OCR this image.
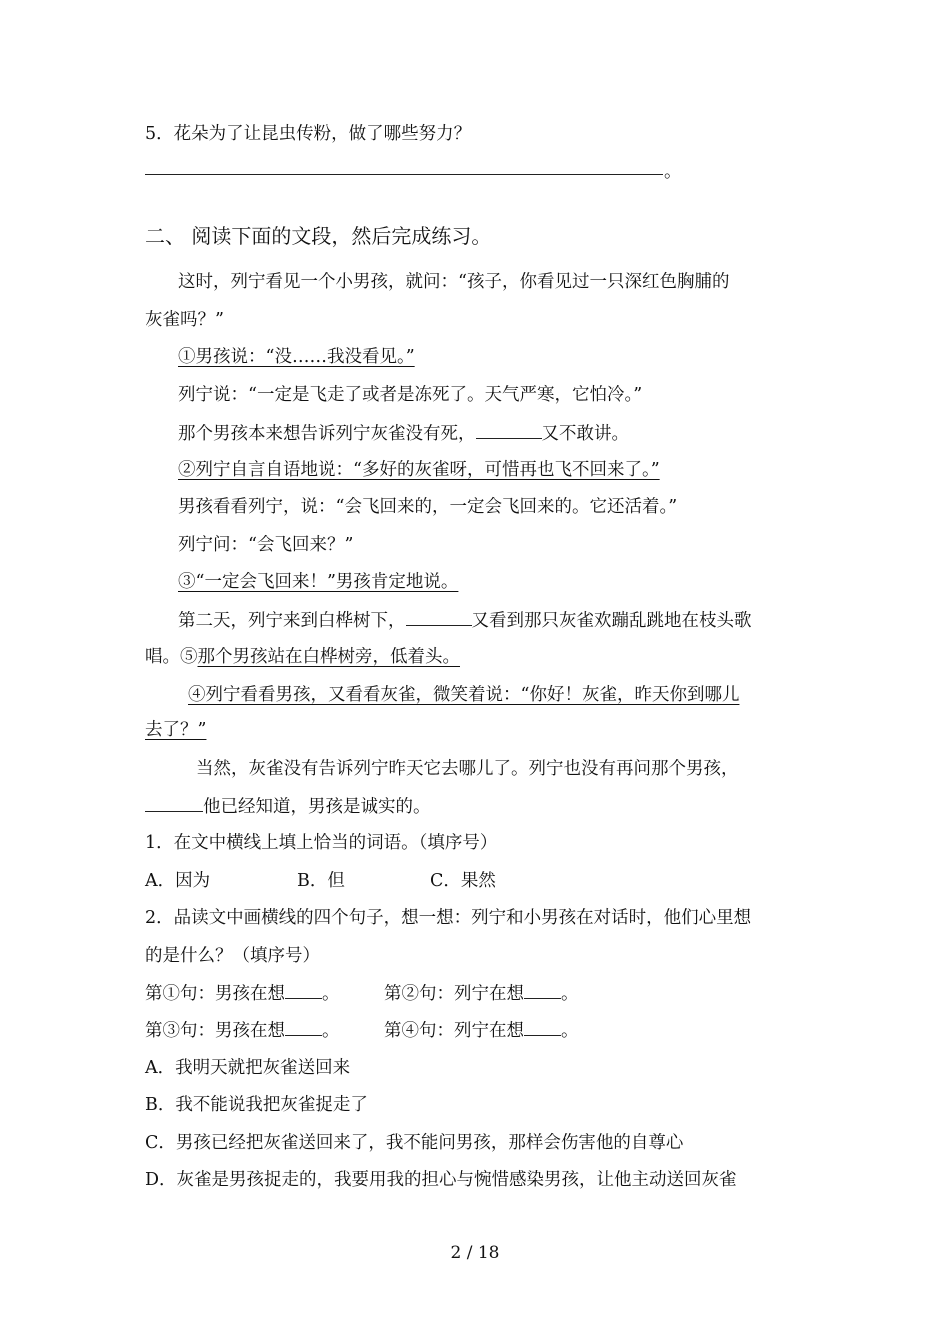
5．花朵为了让昆虫传粉，做了哪些努力？
。
二、 阅读下面的文段，然后完成练习。
这时，列宁看见一个小男孩，就问：“孩子，你看见过一只深红色胸脯的
灰雀吗？”
①男孩说：“没……我没看见。”
列宁说：“一定是飞走了或者是冻死了。天气严寒，它怕冷。”
那个男孩本来想告诉列宁灰雀没有死，	又不敢讲。
②列宁自言自语地说：“多好的灰雀呀，可惜再也飞不回来了。”
男孩看看列宁，说：“会飞回来的，一定会飞回来的。它还活着。”
列宁问：“会飞回来？”
③“一定会飞回来！”男孩肯定地说。
第二天，列宁来到白桦树下，	又看到那只灰雀欢蹦乱跳地在枝头歌
唱。⑤那个男孩站在白桦树旁，低着头。
④列宁看看男孩，又看看灰雀，微笑着说：“你好！灰雀，昨天你到哪儿
去了？”
当然，灰雀没有告诉列宁昨天它去哪儿了。列宁也没有再问那个男孩，
他已经知道，男孩是诚实的。
1．在文中横线上填上恰当的词语。（填序号）
A．因为	B．但	C．果然
2．品读文中画横线的四个句子，想一想：列宁和小男孩在对话时，他们心里想
的是什么？（填序号）
第①句：男孩在想 。	第②句：列宁在想 。
第③句：男孩在想 。	第④句：列宁在想 。
A．我明天就把灰雀送回来
B．我不能说我把灰雀捉走了
C．男孩已经把灰雀送回来了，我不能问男孩，那样会伤害他的自尊心
D．灰雀是男孩捉走的，我要用我的担心与惋惜感染男孩，让他主动送回灰雀
2 / 18
